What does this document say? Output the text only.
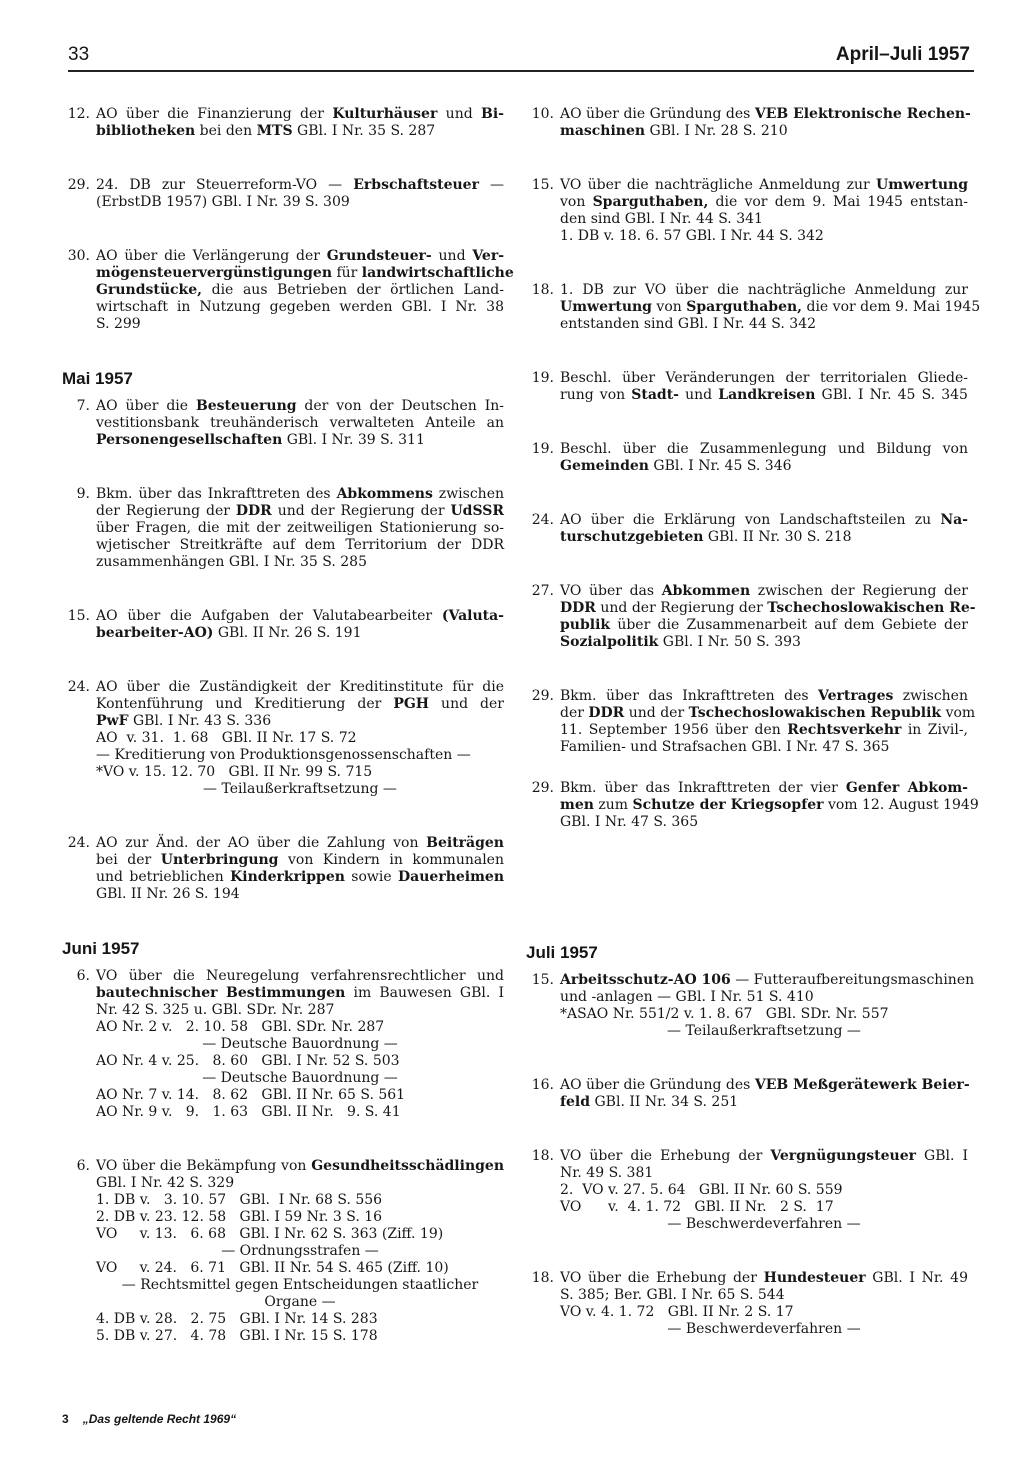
33	April–Juli 1957
12. AO über die Finanzierung der Kulturhäuser und Bi-
bibliotheken bei den MTS GBl. I Nr. 35 S. 287
29. 24. DB zur Steuerreform-VO — Erbschaftsteuer —
(ErbstDB 1957) GBl. I Nr. 39 S. 309
30. AO über die Verlängerung der Grundsteuer- und Ver-
mögensteuervergünstigungen für landwirtschaftliche
Grundstücke, die aus Betrieben der örtlichen Land-
wirtschaft in Nutzung gegeben werden GBl. I Nr. 38
S. 299
Mai 1957
7. AO über die Besteuerung der von der Deutschen In-
vestitionsbank treuhänderisch verwalteten Anteile an
Personengesellschaften GBl. I Nr. 39 S. 311
9. Bkm. über das Inkrafttreten des Abkommens zwischen
der Regierung der DDR und der Regierung der UdSSR
über Fragen, die mit der zeitweiligen Stationierung so-
wjetischer Streitkräfte auf dem Territorium der DDR
zusammenhängen GBl. I Nr. 35 S. 285
15. AO über die Aufgaben der Valutabearbeiter (Valuta-
bearbeiter-AO) GBl. II Nr. 26 S. 191
24. AO über die Zuständigkeit der Kreditinstitute für die
Kontenführung und Kreditierung der PGH und der
PwF GBl. I Nr. 43 S. 336
AO  v. 31.  1. 68   GBl. II Nr. 17 S. 72
— Kreditierung von Produktionsgenossenschaften —
*VO v. 15. 12. 70   GBl. II Nr. 99 S. 715
— Teilaußerkraftsetzung —
24. AO zur Änd. der AO über die Zahlung von Beiträgen
bei der Unterbringung von Kindern in kommunalen
und betrieblichen Kinderkrippen sowie Dauerheimen
GBl. II Nr. 26 S. 194
Juni 1957
6. VO über die Neuregelung verfahrensrechtlicher und
bautechnischer Bestimmungen im Bauwesen GBl. I
Nr. 42 S. 325 u. GBl. SDr. Nr. 287
AO Nr. 2 v.   2. 10. 58   GBl. SDr. Nr. 287
— Deutsche Bauordnung —
AO Nr. 4 v. 25.   8. 60   GBl. I Nr. 52 S. 503
— Deutsche Bauordnung —
AO Nr. 7 v. 14.   8. 62   GBl. II Nr. 65 S. 561
AO Nr. 9 v.   9.   1. 63   GBl. II Nr.   9. S. 41
6. VO über die Bekämpfung von Gesundheitsschädlingen
GBl. I Nr. 42 S. 329
1. DB v.   3. 10. 57   GBl.  I Nr. 68 S. 556
2. DB v. 23. 12. 58   GBl. I 59 Nr. 3 S. 16
VO     v. 13.   6. 68   GBl. I Nr. 62 S. 363 (Ziff. 19)
— Ordnungsstrafen —
VO     v. 24.   6. 71   GBl. II Nr. 54 S. 465 (Ziff. 10)
— Rechtsmittel gegen Entscheidungen staatlicher
Organe —
4. DB v. 28.   2. 75   GBl. I Nr. 14 S. 283
5. DB v. 27.   4. 78   GBl. I Nr. 15 S. 178
10. AO über die Gründung des VEB Elektronische Rechen-
maschinen GBl. I Nr. 28 S. 210
15. VO über die nachträgliche Anmeldung zur Umwertung
von Sparguthaben, die vor dem 9. Mai 1945 entstan-
den sind GBl. I Nr. 44 S. 341
1. DB v. 18. 6. 57 GBl. I Nr. 44 S. 342
18. 1. DB zur VO über die nachträgliche Anmeldung zur
Umwertung von Sparguthaben, die vor dem 9. Mai 1945
entstanden sind GBl. I Nr. 44 S. 342
19. Beschl. über Veränderungen der territorialen Gliede-
rung von Stadt- und Landkreisen GBl. I Nr. 45 S. 345
19. Beschl. über die Zusammenlegung und Bildung von
Gemeinden GBl. I Nr. 45 S. 346
24. AO über die Erklärung von Landschaftsteilen zu Na-
turschutzgebieten GBl. II Nr. 30 S. 218
27. VO über das Abkommen zwischen der Regierung der
DDR und der Regierung der Tschechoslowakischen Re-
publik über die Zusammenarbeit auf dem Gebiete der
Sozialpolitik GBl. I Nr. 50 S. 393
29. Bkm. über das Inkrafttreten des Vertrages zwischen
der DDR und der Tschechoslowakischen Republik vom
11. September 1956 über den Rechtsverkehr in Zivil-,
Familien- und Strafsachen GBl. I Nr. 47 S. 365
29. Bkm. über das Inkrafttreten der vier Genfer Abkom-
men zum Schutze der Kriegsopfer vom 12. August 1949
GBl. I Nr. 47 S. 365
Juli 1957
15. Arbeitsschutz-AO 106 — Futteraufbereitungsmaschinen
und -anlagen — GBl. I Nr. 51 S. 410
*ASAO Nr. 551/2 v. 1. 8. 67   GBl. SDr. Nr. 557
— Teilaußerkraftsetzung —
16. AO über die Gründung des VEB Meßgerätewerk Beier-
feld GBl. II Nr. 34 S. 251
18. VO über die Erhebung der Vergnügungsteuer GBl. I
Nr. 49 S. 381
2.  VO v. 27. 5. 64   GBl. II Nr. 60 S. 559
VO      v.  4. 1. 72   GBl. II Nr.   2 S.  17
— Beschwerdeverfahren —
18. VO über die Erhebung der Hundesteuer GBl. I Nr. 49
S. 385; Ber. GBl. I Nr. 65 S. 544
VO v. 4. 1. 72   GBl. II Nr. 2 S. 17
— Beschwerdeverfahren —
3 „Das geltende Recht 1969“
